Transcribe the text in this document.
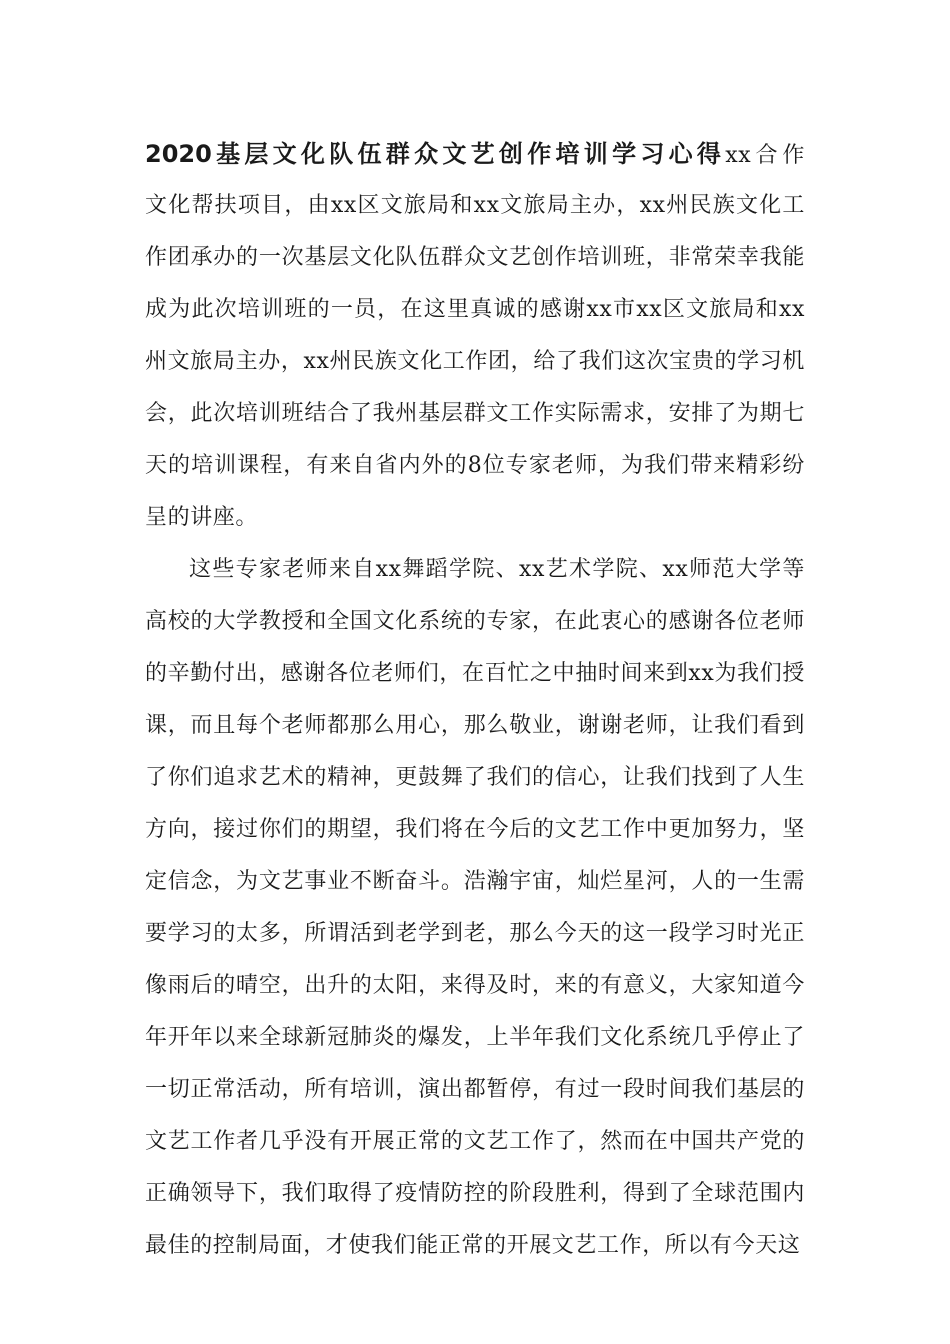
2020基层文化队伍群众文艺创作培训学习心得xx合作
文化帮扶项目，由xx区文旅局和xx文旅局主办，xx州民族文化工
作团承办的一次基层文化队伍群众文艺创作培训班，非常荣幸我能
成为此次培训班的一员，在这里真诚的感谢xx市xx区文旅局和xx
州文旅局主办，xx州民族文化工作团，给了我们这次宝贵的学习机
会，此次培训班结合了我州基层群文工作实际需求，安排了为期七
天的培训课程，有来自省内外的8位专家老师，为我们带来精彩纷
呈的讲座。
这些专家老师来自xx舞蹈学院、xx艺术学院、xx师范大学等
高校的大学教授和全国文化系统的专家，在此衷心的感谢各位老师
的辛勤付出，感谢各位老师们，在百忙之中抽时间来到xx为我们授
课，而且每个老师都那么用心，那么敬业，谢谢老师，让我们看到
了你们追求艺术的精神，更鼓舞了我们的信心，让我们找到了人生
方向，接过你们的期望，我们将在今后的文艺工作中更加努力，坚
定信念，为文艺事业不断奋斗。浩瀚宇宙，灿烂星河，人的一生需
要学习的太多，所谓活到老学到老，那么今天的这一段学习时光正
像雨后的晴空，出升的太阳，来得及时，来的有意义，大家知道今
年开年以来全球新冠肺炎的爆发，上半年我们文化系统几乎停止了
一切正常活动，所有培训，演出都暂停，有过一段时间我们基层的
文艺工作者几乎没有开展正常的文艺工作了，然而在中国共产党的
正确领导下，我们取得了疫情防控的阶段胜利，得到了全球范围内
最佳的控制局面，才使我们能正常的开展文艺工作，所以有今天这
